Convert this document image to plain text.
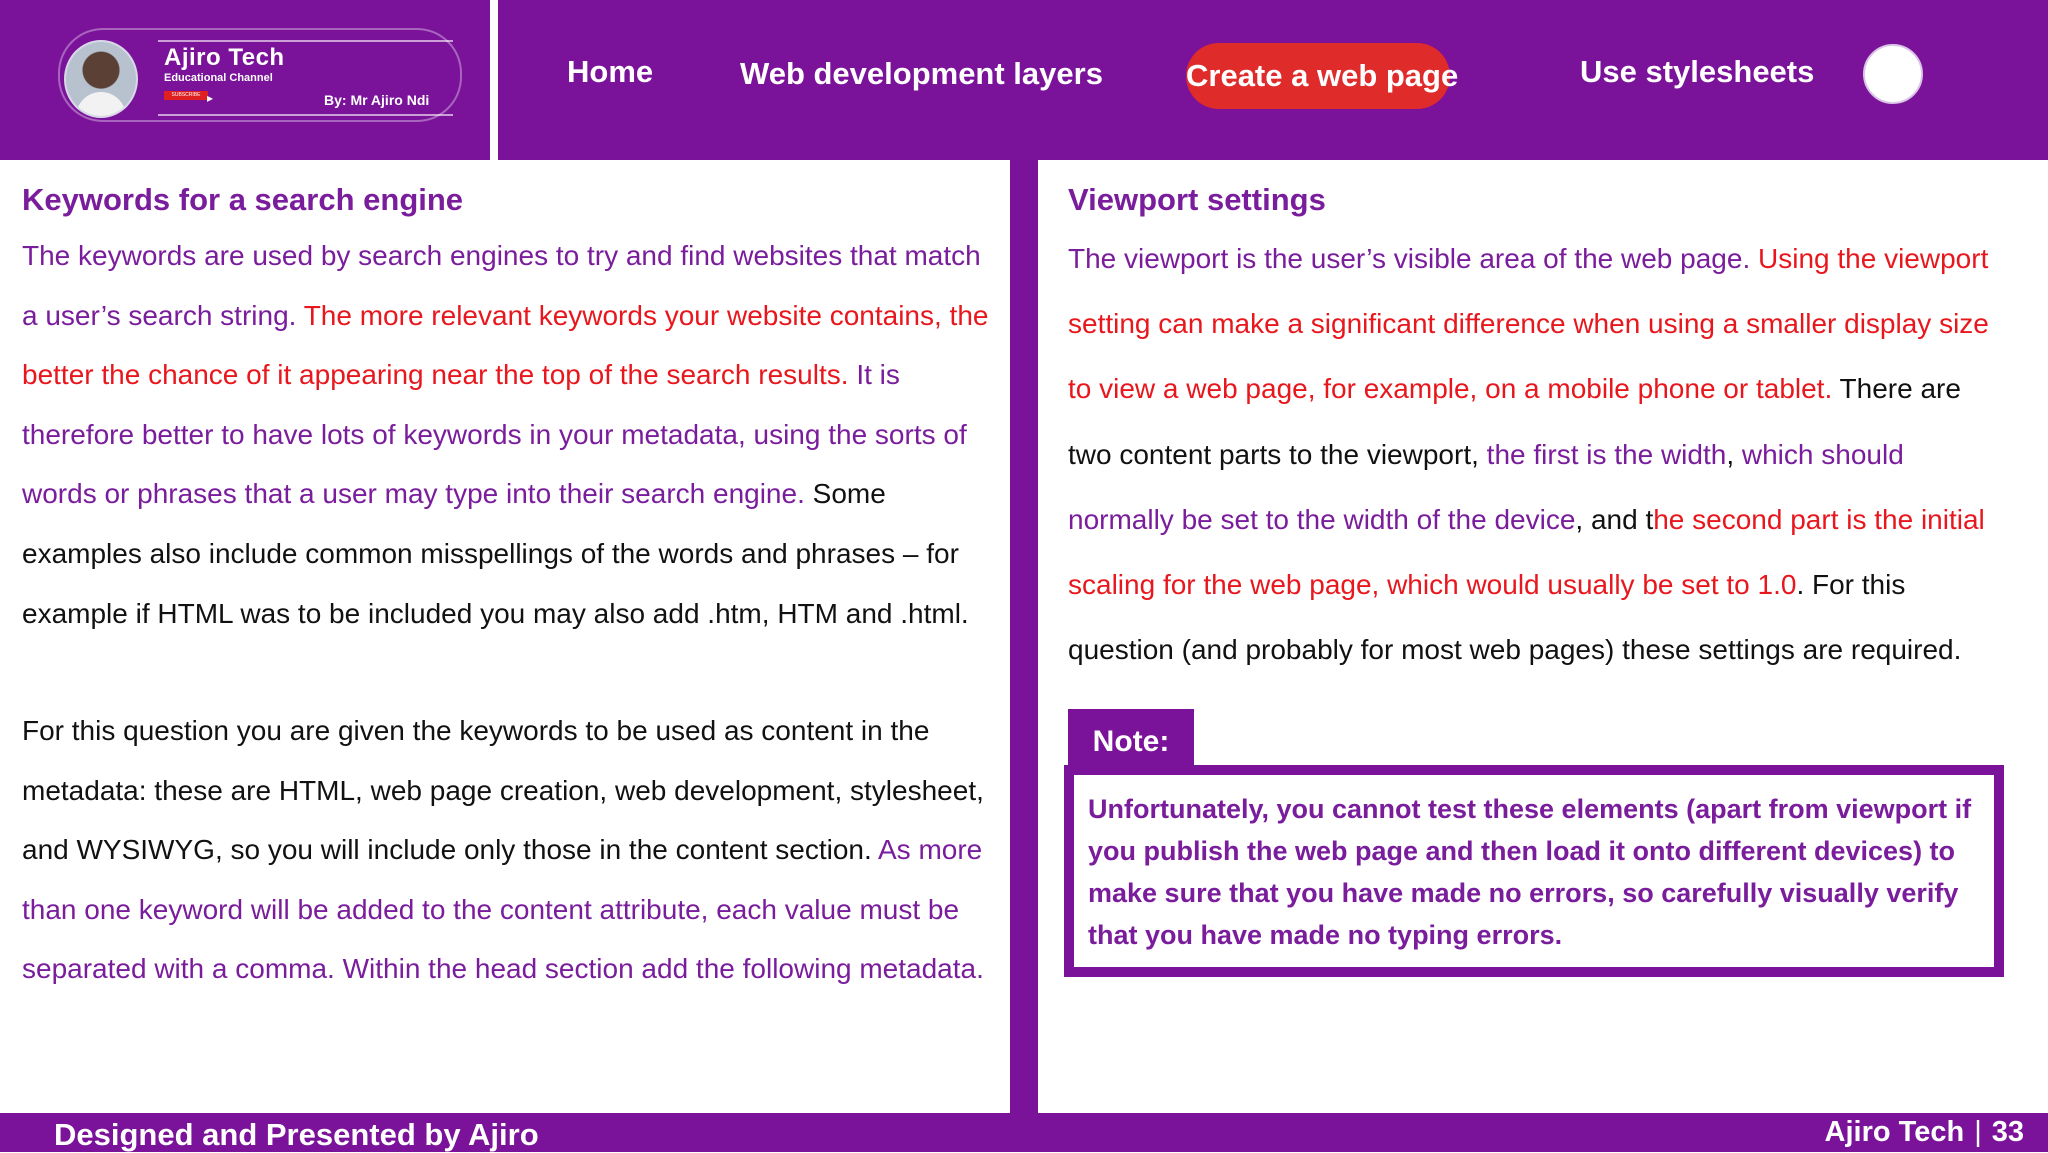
Ajiro Tech
Educational Channel
SUBSCRIBE ▸	By: Mr Ajiro Ndi
Home	Web development layers	Create a web page	Use stylesheets
Keywords for a search engine

The keywords are used by search engines to try and find websites that match a user’s search string. The more relevant keywords your website contains, the better the chance of it appearing near the top of the search results. It is therefore better to have lots of keywords in your metadata, using the sorts of words or phrases that a user may type into their search engine. Some examples also include common misspellings of the words and phrases – for example if HTML was to be included you may also add .htm, HTM and .html.

For this question you are given the keywords to be used as content in the metadata: these are HTML, web page creation, web development, stylesheet, and WYSIWYG, so you will include only those in the content section. As more than one keyword will be added to the content attribute, each value must be separated with a comma. Within the head section add the following metadata.

Viewport settings

The viewport is the user’s visible area of the web page. Using the viewport setting can make a significant difference when using a smaller display size to view a web page, for example, on a mobile phone or tablet. There are two content parts to the viewport, the first is the width, which should normally be set to the width of the device, and the second part is the initial scaling for the web page, which would usually be set to 1.0. For this question (and probably for most web pages) these settings are required.

Note:

Unfortunately, you cannot test these elements (apart from viewport if you publish the web page and then load it onto different devices) to make sure that you have made no errors, so carefully visually verify that you have made no typing errors.

Designed and Presented by Ajiro	Ajiro Tech | 33
